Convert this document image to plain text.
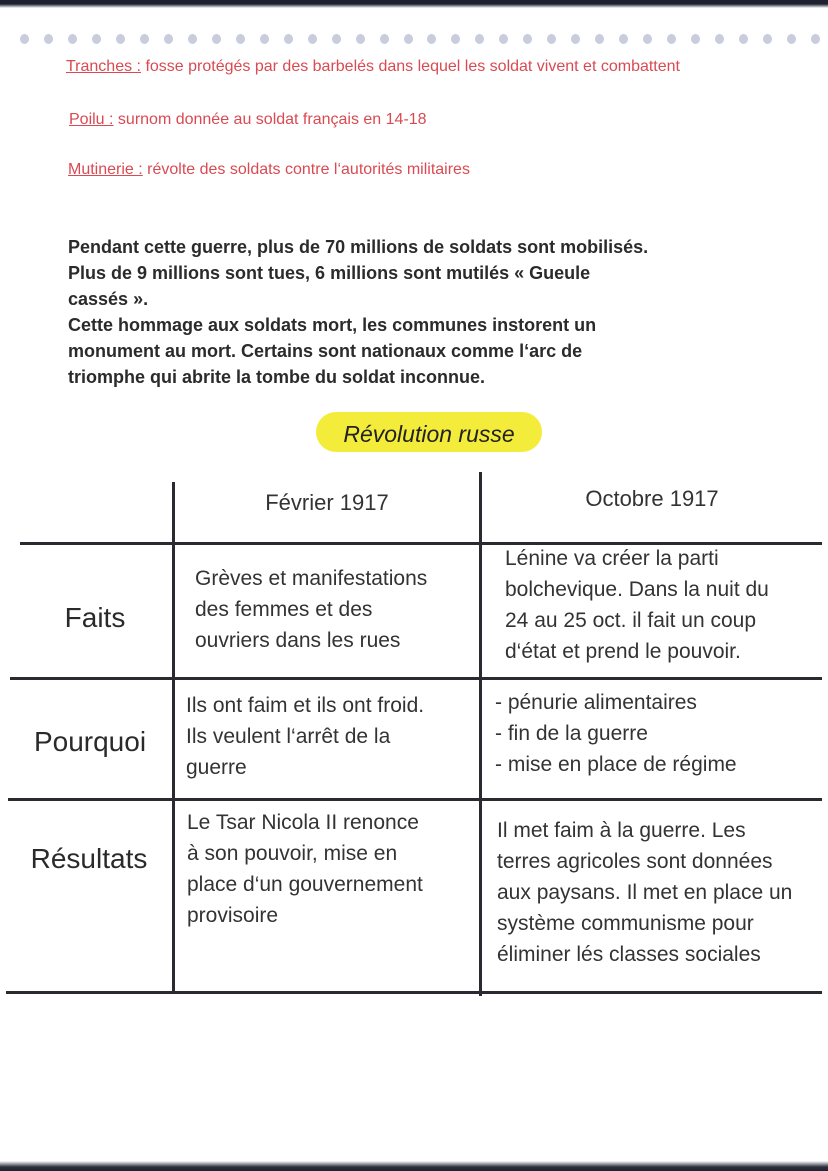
Tranches : fosse protégés par des barbelés dans lequel les soldat vivent et combattent
Poilu : surnom donnée au soldat français en 14-18
Mutinerie : révolte des soldats contre l‘autorités militaires

Pendant cette guerre, plus de 70 millions de soldats sont mobilisés.

Plus de 9 millions sont tues, 6 millions sont mutilés « Gueule

cassés ».

Cette hommage aux soldats mort, les communes instorent un

monument au mort. Certains sont nationaux comme l‘arc de

triomphe qui abrite la tombe du soldat inconnue.

Révolution russe
Février 1917	Octobre 1917
Faits
Pourquoi
Résultats
Grèves et manifestations
des femmes et des
ouvriers dans les rues
Lénine va créer la parti
bolchevique. Dans la nuit du
24 au 25 oct. il fait un coup
d‘état et prend le pouvoir.
Ils ont faim et ils ont froid.
Ils veulent l‘arrêt de la
guerre
- pénurie alimentaires
- fin de la guerre
- mise en place de régime
Le Tsar Nicola II renonce
à son pouvoir, mise en
place d‘un gouvernement
provisoire
Il met faim à la guerre. Les
terres agricoles sont données
aux paysans. Il met en place un
système communisme pour
éliminer lés classes sociales
